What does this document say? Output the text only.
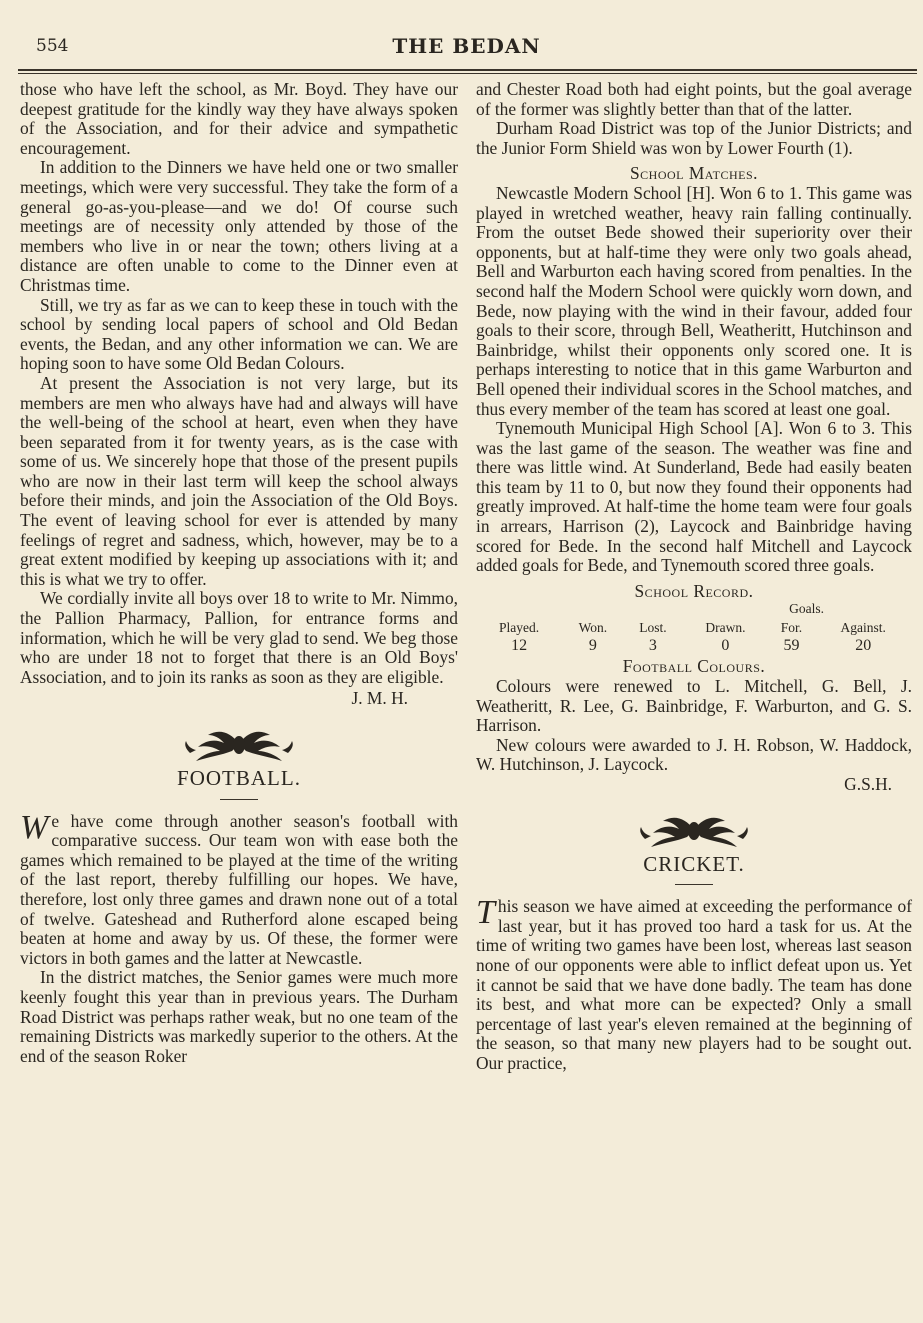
554	THE BEDAN

those who have left the school, as Mr. Boyd. They have our deepest gratitude for the kindly way they have always spoken of the Association, and for their advice and sympathetic encouragement.

In addition to the Dinners we have held one or two smaller meetings, which were very successful. They take the form of a general go-as-you-please—and we do! Of course such meetings are of necessity only attended by those of the members who live in or near the town; others living at a distance are often unable to come to the Dinner even at Christmas time.

Still, we try as far as we can to keep these in touch with the school by sending local papers of school and Old Bedan events, the Bedan, and any other information we can. We are hoping soon to have some Old Bedan Colours.

At present the Association is not very large, but its members are men who always have had and always will have the well-being of the school at heart, even when they have been separated from it for twenty years, as is the case with some of us. We sincerely hope that those of the present pupils who are now in their last term will keep the school always before their minds, and join the Association of the Old Boys. The event of leaving school for ever is attended by many feelings of regret and sadness, which, however, may be to a great extent modified by keeping up associations with it; and this is what we try to offer.

We cordially invite all boys over 18 to write to Mr. Nimmo, the Pallion Pharmacy, Pallion, for entrance forms and information, which he will be very glad to send. We beg those who are under 18 not to forget that there is an Old Boys' Association, and to join its ranks as soon as they are eligible.

J. M. H.

FOOTBALL.

We have come through another season's football with comparative success. Our team won with ease both the games which remained to be played at the time of the writing of the last report, thereby fulfilling our hopes. We have, therefore, lost only three games and drawn none out of a total of twelve. Gateshead and Rutherford alone escaped being beaten at home and away by us. Of these, the former were victors in both games and the latter at Newcastle.

In the district matches, the Senior games were much more keenly fought this year than in previous years. The Durham Road District was perhaps rather weak, but no one team of the remaining Districts was markedly superior to the others. At the end of the season Roker

and Chester Road both had eight points, but the goal average of the former was slightly better than that of the latter.

Durham Road District was top of the Junior Districts; and the Junior Form Shield was won by Lower Fourth (1).

School Matches.

Newcastle Modern School [H]. Won 6 to 1. This game was played in wretched weather, heavy rain falling continually. From the outset Bede showed their superiority over their opponents, but at half-time they were only two goals ahead, Bell and Warburton each having scored from penalties. In the second half the Modern School were quickly worn down, and Bede, now playing with the wind in their favour, added four goals to their score, through Bell, Weatheritt, Hutchinson and Bainbridge, whilst their opponents only scored one. It is perhaps interesting to notice that in this game Warburton and Bell opened their individual scores in the School matches, and thus every member of the team has scored at least one goal.

Tynemouth Municipal High School [A]. Won 6 to 3. This was the last game of the season. The weather was fine and there was little wind. At Sunderland, Bede had easily beaten this team by 11 to 0, but now they found their opponents had greatly improved. At half-time the home team were four goals in arrears, Harrison (2), Laycock and Bainbridge having scored for Bede. In the second half Mitchell and Laycock added goals for Bede, and Tynemouth scored three goals.

School Record.

Goals.
Played.	Won.	Lost.	Drawn.	For.	Against.
12	9	3	0	59	20

Football Colours.

Colours were renewed to L. Mitchell, G. Bell, J. Weatheritt, R. Lee, G. Bainbridge, F. Warburton, and G. S. Harrison.

New colours were awarded to J. H. Robson, W. Haddock, W. Hutchinson, J. Laycock.

G.S.H.

CRICKET.

This season we have aimed at exceeding the performance of last year, but it has proved too hard a task for us. At the time of writing two games have been lost, whereas last season none of our opponents were able to inflict defeat upon us. Yet it cannot be said that we have done badly. The team has done its best, and what more can be expected? Only a small percentage of last year's eleven remained at the beginning of the season, so that many new players had to be sought out. Our practice,
